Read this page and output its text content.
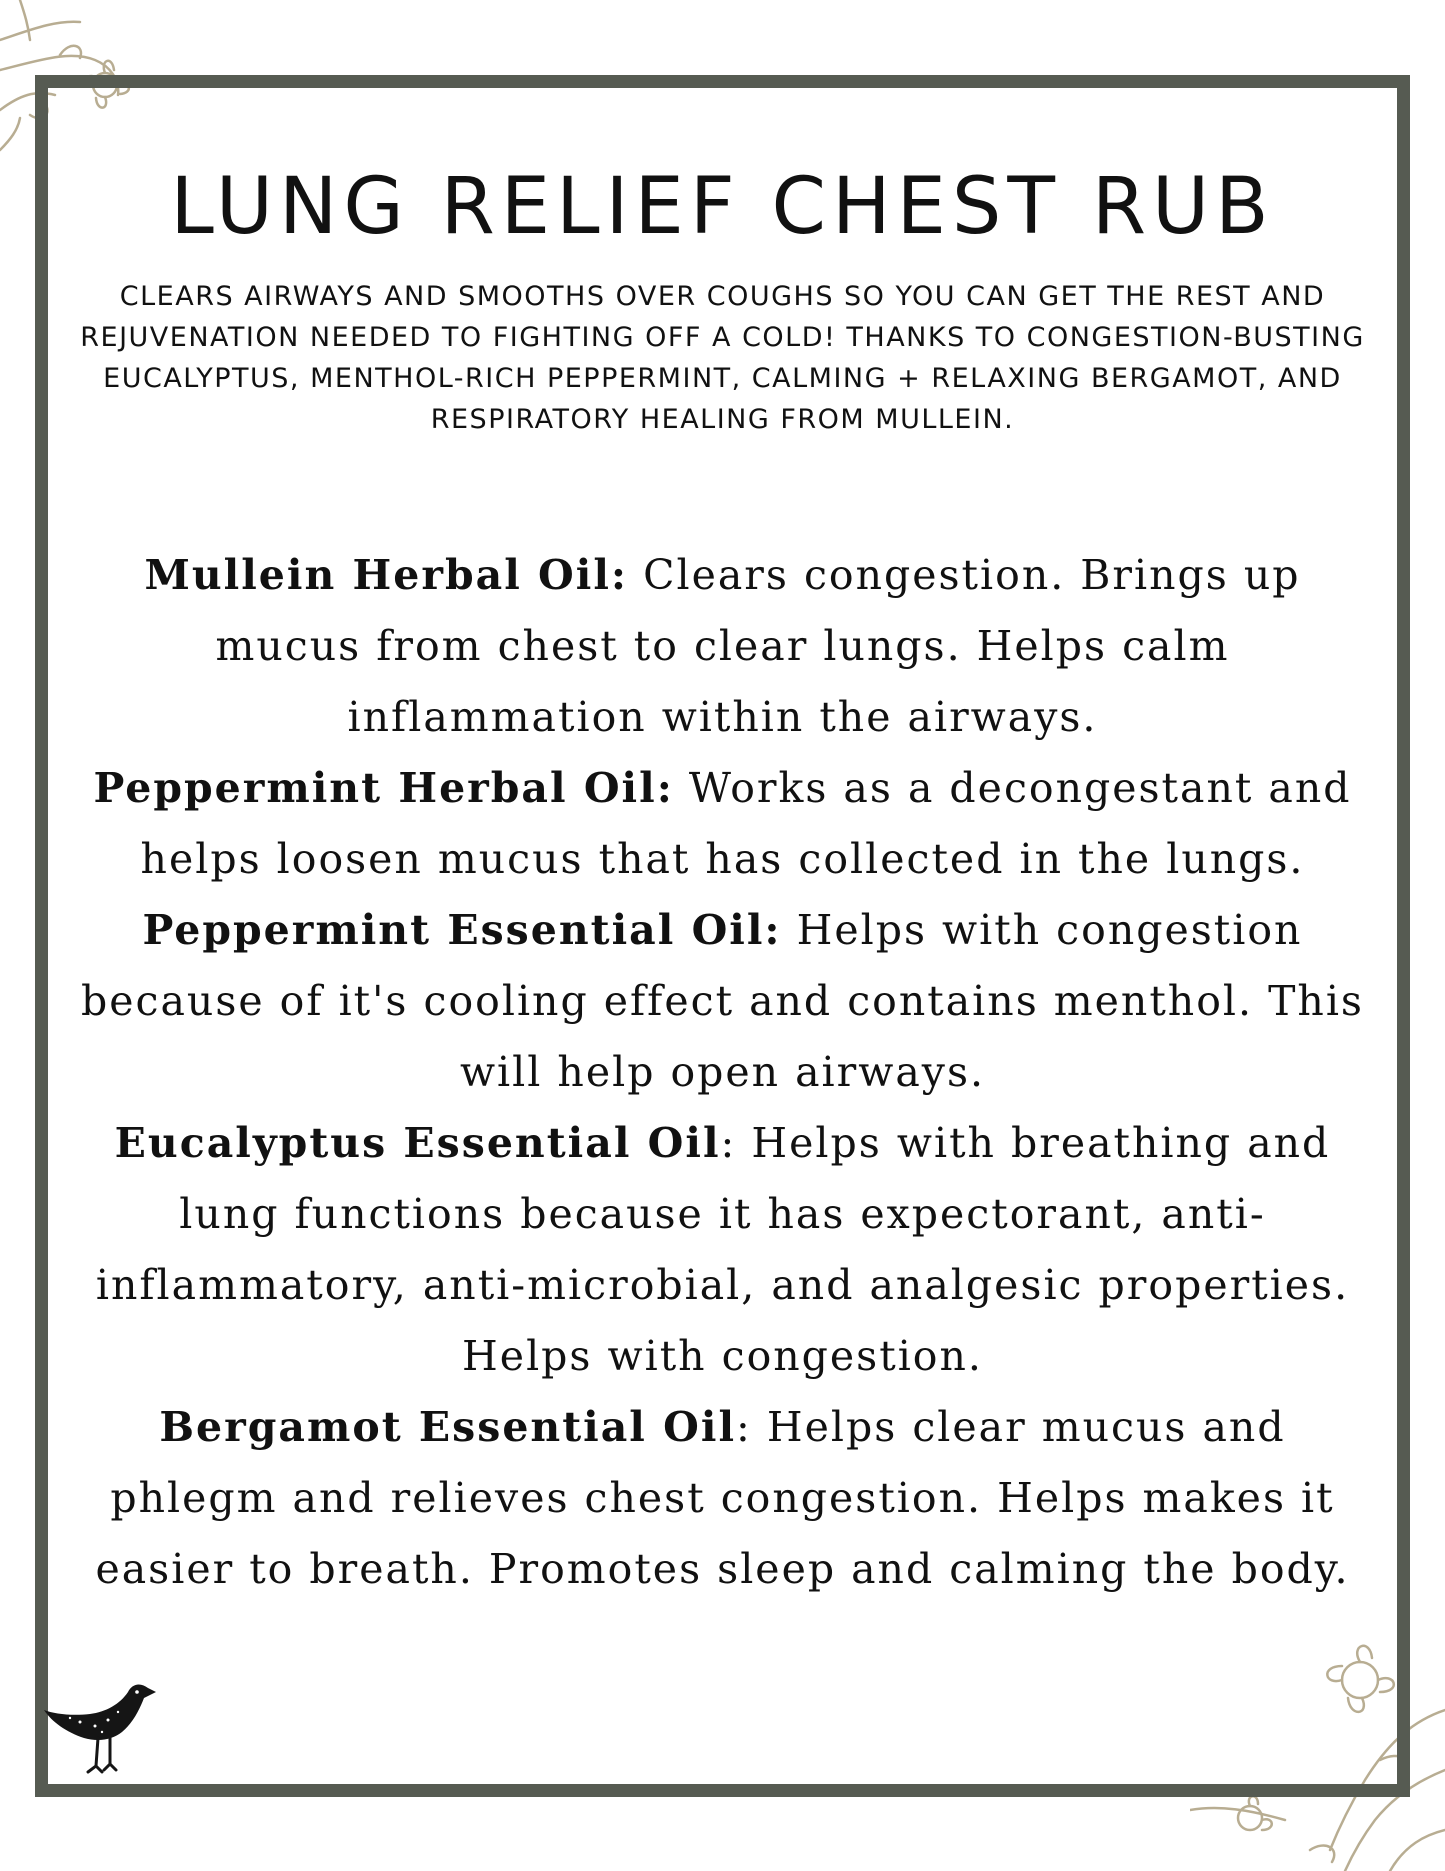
LUNG RELIEF CHEST RUB

CLEARS AIRWAYS AND SMOOTHS OVER COUGHS SO YOU CAN GET THE REST AND REJUVENATION NEEDED TO FIGHTING OFF A COLD! THANKS TO CONGESTION-BUSTING EUCALYPTUS, MENTHOL-RICH PEPPERMINT, CALMING + RELAXING BERGAMOT, AND RESPIRATORY HEALING FROM MULLEIN.

Mullein Herbal Oil: Clears congestion. Brings up mucus from chest to clear lungs. Helps calm inflammation within the airways.

Peppermint Herbal Oil: Works as a decongestant and helps loosen mucus that has collected in the lungs.

Peppermint Essential Oil: Helps with congestion because of it's cooling effect and contains menthol. This will help open airways.

Eucalyptus Essential Oil: Helps with breathing and lung functions because it has expectorant, anti-inflammatory, anti-microbial, and analgesic properties. Helps with congestion.

Bergamot Essential Oil: Helps clear mucus and phlegm and relieves chest congestion. Helps makes it easier to breath. Promotes sleep and calming the body.
